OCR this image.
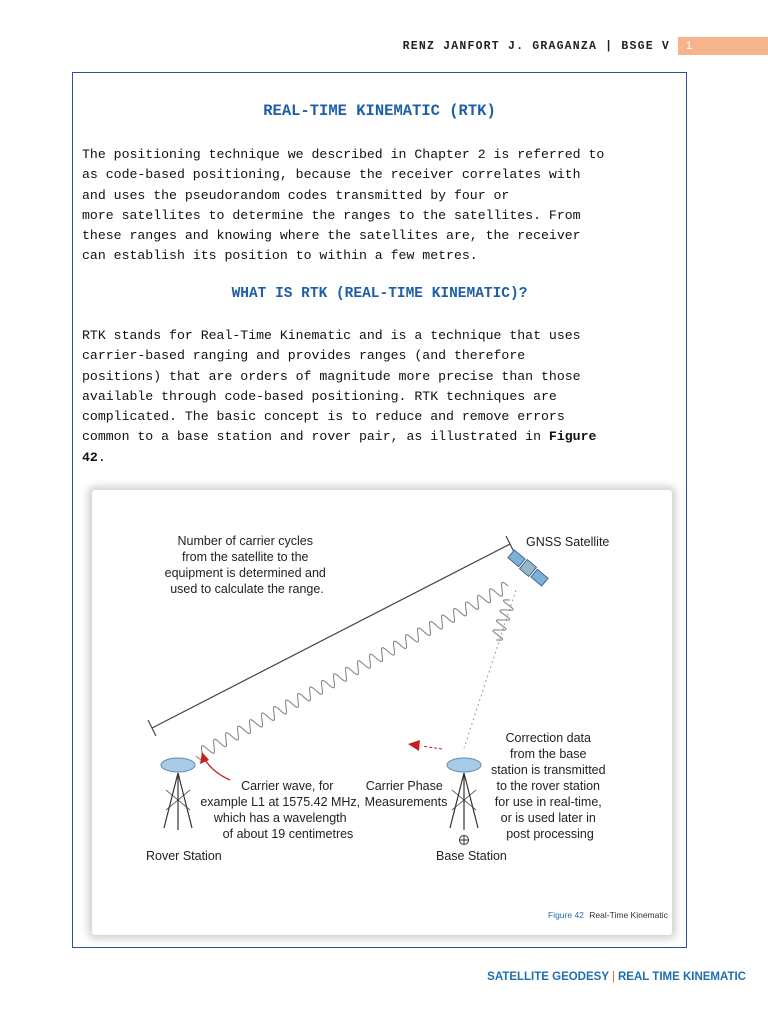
RENZ JANFORT J. GRAGANZA | BSGE V	1
REAL-TIME KINEMATIC (RTK)
The positioning technique we described in Chapter 2 is referred to
as code-based positioning, because the receiver correlates with
and uses the pseudorandom codes transmitted by four or
more satellites to determine the ranges to the satellites. From
these ranges and knowing where the satellites are, the receiver
can establish its position to within a few metres.
WHAT IS RTK (REAL-TIME KINEMATIC)?
RTK stands for Real-Time Kinematic and is a technique that uses
carrier-based ranging and provides ranges (and therefore
positions) that are orders of magnitude more precise than those
available through code-based positioning. RTK techniques are
complicated. The basic concept is to reduce and remove errors
common to a base station and rover pair, as illustrated in Figure
42.
Number of carrier cycles from the satellite to the equipment is determined and used to calculate the range.
GNSS Satellite
Correction data from the base station is transmitted to the rover station for use in real-time, or is used later in post processing
Carrier wave, for example L1 at 1575.42 MHz, which has a wavelength of about 19 centimetres
Carrier Phase Measurements
Rover Station	Base Station
Figure 42 Real-Time Kinematic
SATELLITE GEODESY | REAL TIME KINEMATIC
